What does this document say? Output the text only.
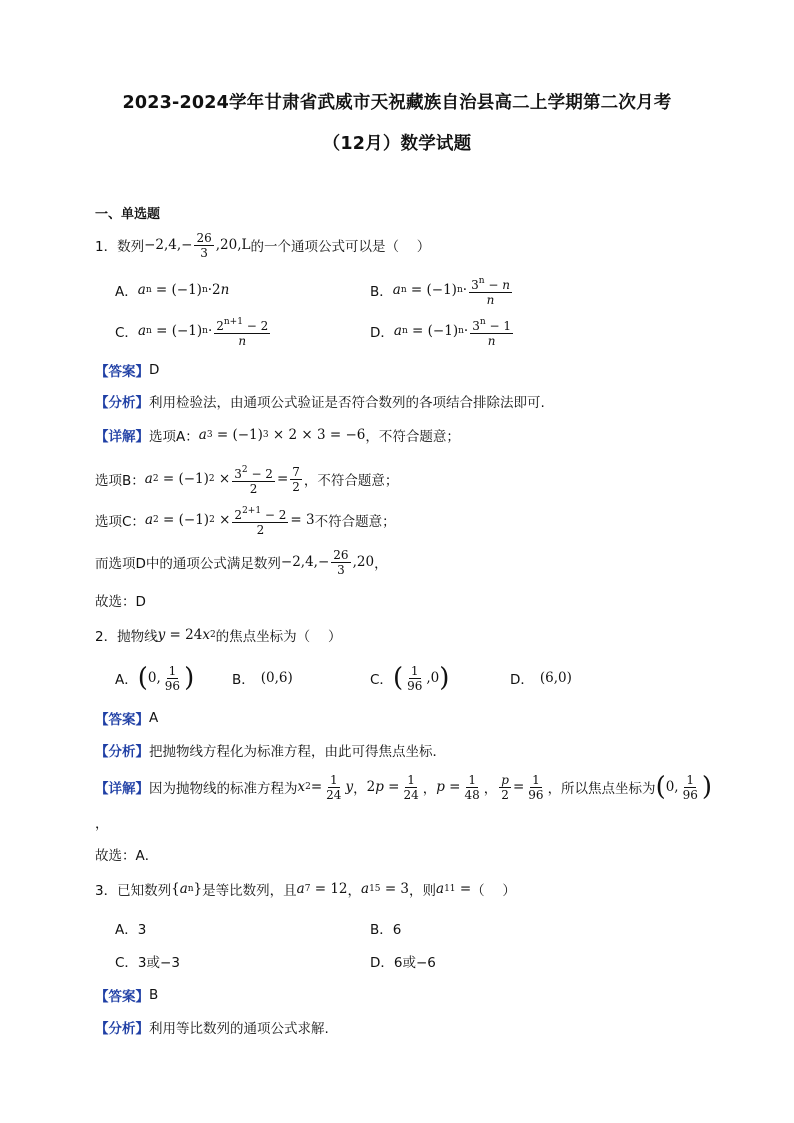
2023-2024学年甘肃省武威市天祝藏族自治县高二上学期第二次月考
（12月）数学试题
一、单选题
1．数列 $-2,4,- \frac{26}{3} ,20,L$ 的一个通项公式可以是（　 ）
A． a n = (−1) n ·2 n	B． a n = (−1) $n \cdot \frac{3^n - n}{n}$
C． a n = (−1) $n \cdot \frac{2^{n+1} - 2}{n}$	D． a n = (−1) $n \cdot \frac{3^n - 1}{n}$
【答案】 D
【分析】 利用检验法，由通项公式验证是否符合数列的各项结合排除法即可.
【详解】 选项A： a 3 = (−1) 3 × 2 × 3 = −6 ，不符合题意；
选项B： a 2 = (−1) $2 \times \frac{3^2 - 2}{2} = \frac{7}{2}$ ，不符合题意；
选项C： a 2 = (−1) $2 \times \frac{2^{2+1} - 2}{2} = 3$ 不符合题意；
而选项D中的通项公式满足数列 $-2,4,- \frac{26}{3} ,20$ ，
故选：D
2．抛物线 y = 24 x 2 的焦点坐标为（　 ）
A． ( 0, $\frac{1}{96}$ )	B． (0,6)	C． ( $\frac{1}{96} ,0$ )	D． (6,0)
【答案】 A
【分析】 把抛物线方程化为标准方程，由此可得焦点坐标．
【详解】 因为抛物线的标准方程为 x $2 = \frac{1}{24}$ y ， 2 $p = \frac{1}{24}$ ， $p = \frac{1}{48}$ ， $\frac{p}{2} = \frac{1}{96}$ ，所以焦点坐标为 ( 0, $\frac{1}{96}$ )
，
故选：A．
3．已知数列 { a n } 是等比数列，且 a 7 = 12 ， a 15 = 3 ，则 a 11 = （　 ）
A．3	B．6
C．3或−3	D．6或−6
【答案】 B
【分析】 利用等比数列的通项公式求解.
